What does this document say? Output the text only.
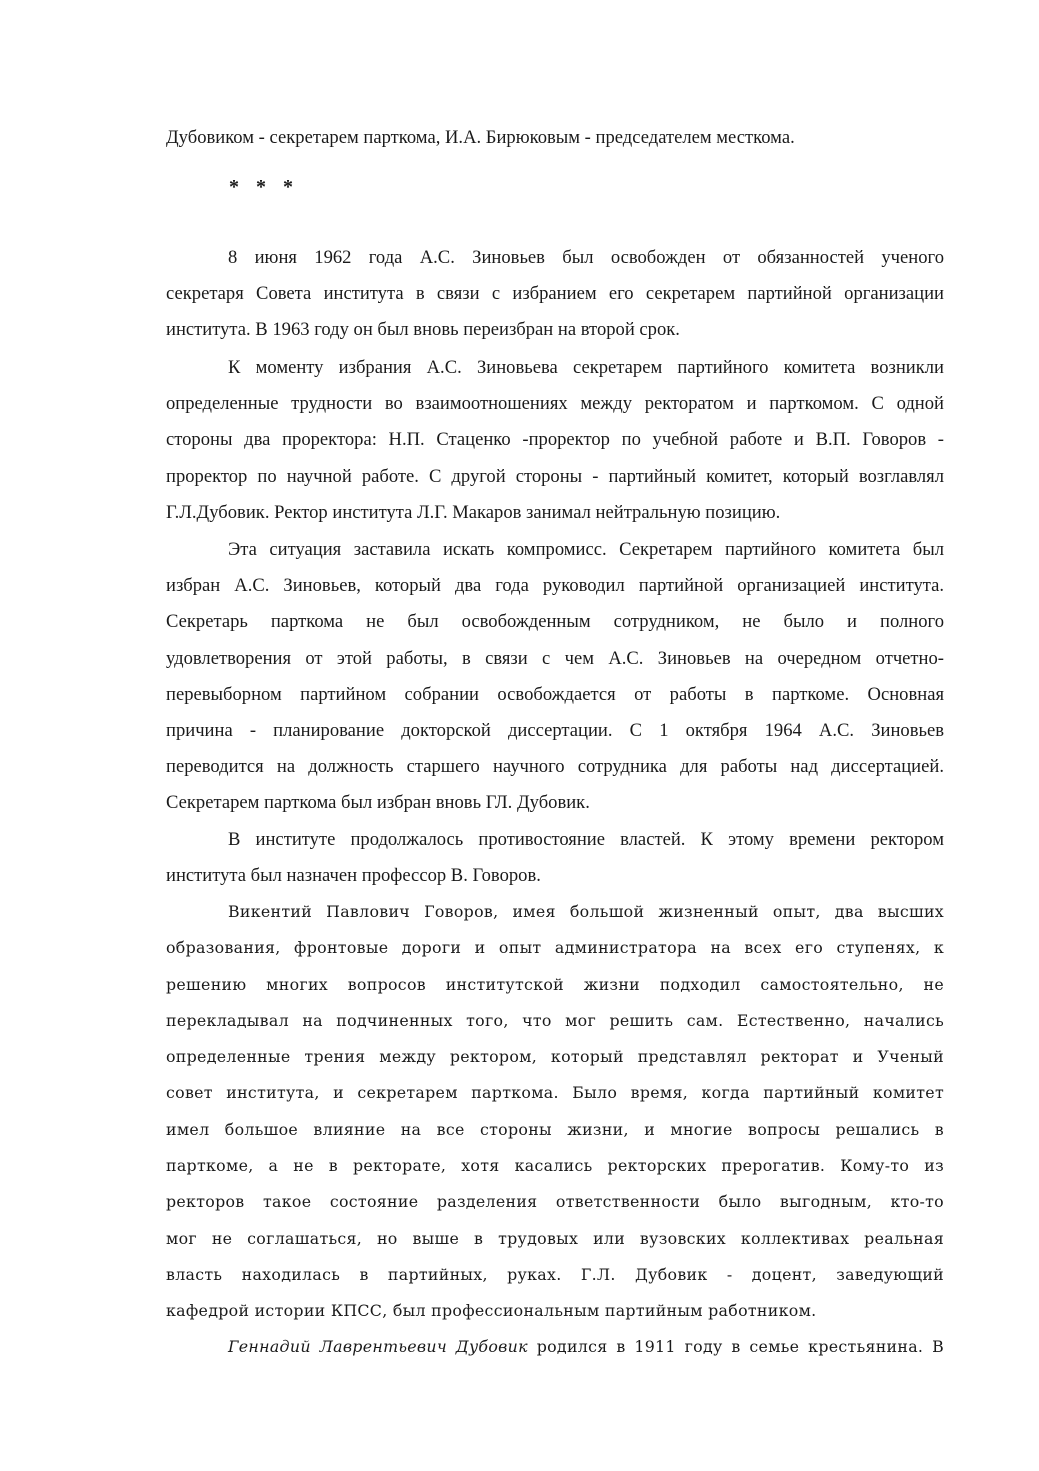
Дубовиком - секретарем парткома, И.А. Бирюковым - председателем месткома.
* * *
8 июня 1962 года А.С. Зиновьев был освобожден от обязанностей ученого
секретаря Совета института в связи с избранием его секретарем партийной организации
института. В 1963 году он был вновь переизбран на второй срок.
К моменту избрания А.С. Зиновьева секретарем партийного комитета возникли
определенные трудности во взаимоотношениях между ректоратом и парткомом. С одной
стороны два проректора: Н.П. Стаценко -проректор по учебной работе и В.П. Говоров -
проректор по научной работе. С другой стороны - партийный комитет, который возглавлял
Г.Л.Дубовик. Ректор института Л.Г. Макаров занимал нейтральную позицию.
Эта ситуация заставила искать компромисс. Секретарем партийного комитета был
избран А.С. Зиновьев, который два года руководил партийной организацией института.
Секретарь парткома не был освобожденным сотрудником, не было и полного
удовлетворения от этой работы, в связи с чем А.С. Зиновьев на очередном отчетно-
перевыборном партийном собрании освобождается от работы в парткоме. Основная
причина - планирование докторской диссертации. С 1 октября 1964 А.С. Зиновьев
переводится на должность старшего научного сотрудника для работы над диссертацией.
Секретарем парткома был избран вновь ГЛ. Дубовик.
В институте продолжалось противостояние властей. К этому времени ректором
института был назначен профессор В. Говоров.
Викентий Павлович Говоров, имея большой жизненный опыт, два высших
образования, фронтовые дороги и опыт администратора на всех его ступенях, к
решению многих вопросов институтской жизни подходил самостоятельно, не
перекладывал на подчиненных того, что мог решить сам. Естественно, начались
определенные трения между ректором, который представлял ректорат и Ученый
совет института, и секретарем парткома. Было время, когда партийный комитет
имел большое влияние на все стороны жизни, и многие вопросы решались в
парткоме, а не в ректорате, хотя касались ректорских прерогатив. Кому-то из
ректоров такое состояние разделения ответственности было выгодным, кто-то
мог не соглашаться, но выше в трудовых или вузовских коллективах реальная
власть находилась в партийных, руках. Г.Л. Дубовик - доцент, заведующий
кафедрой истории КПСС, был профессиональным партийным работником.
Геннадий Лаврентьевич Дубовик родился в 1911 году в семье крестьянина. В
